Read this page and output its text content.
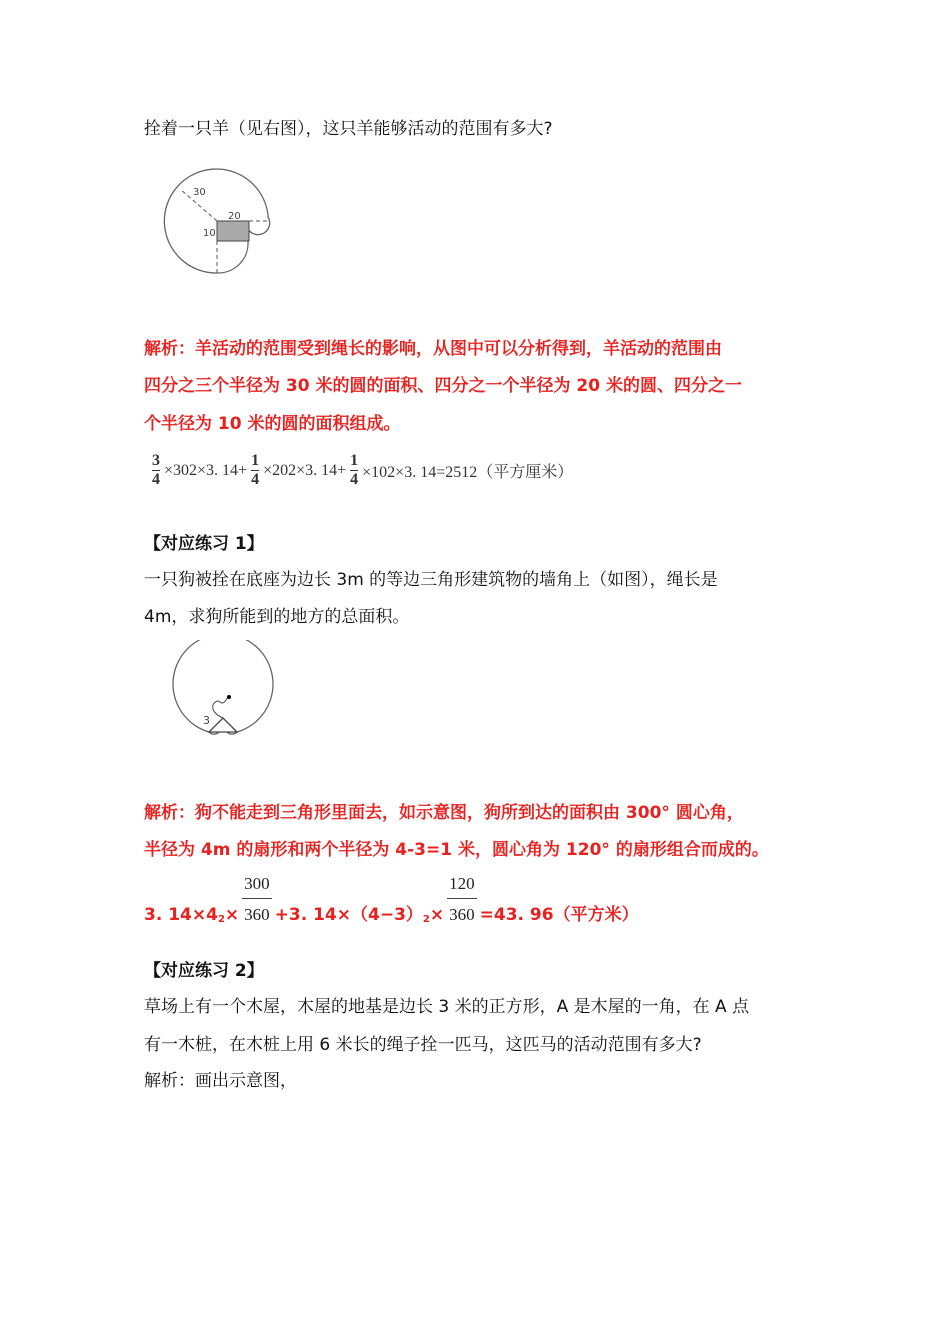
拴着一只羊（见右图），这只羊能够活动的范围有多大?
30
20
10
解析：羊活动的范围受到绳长的影响，从图中可以分析得到，羊活动的范围由
四分之三个半径为 30 米的圆的面积、四分之一个半径为 20 米的圆、四分之一
个半径为 10 米的圆的面积组成。
$\frac{3}{4} \times 302\times 3$. $14+ \frac{1}{4} \times 202\times 3$. $14+ \frac{1}{4} \times 102\times 3$. 14=2512（平方厘米）
【对应练习 1】
一只狗被拴在底座为边长 3m 的等边三角形建筑物的墙角上（如图），绳长是
4m，求狗所能到的地方的总面积。
3
解析：狗不能走到三角形里面去，如示意图，狗所到达的面积由 300° 圆心角，
半径为 4m 的扇形和两个半径为 4-3=1 米，圆心角为 120° 的扇形组合而成的。
3. $14\times 4_2 \times \frac{300}{360} +3$. $14\times(4-3)_2 \times \frac{120}{360} =43$. 96（平方米）
【对应练习 2】
草场上有一个木屋，木屋的地基是边长 3 米的正方形，A 是木屋的一角，在 A 点
有一木桩，在木桩上用 6 米长的绳子拴一匹马，这匹马的活动范围有多大?
解析：画出示意图，
